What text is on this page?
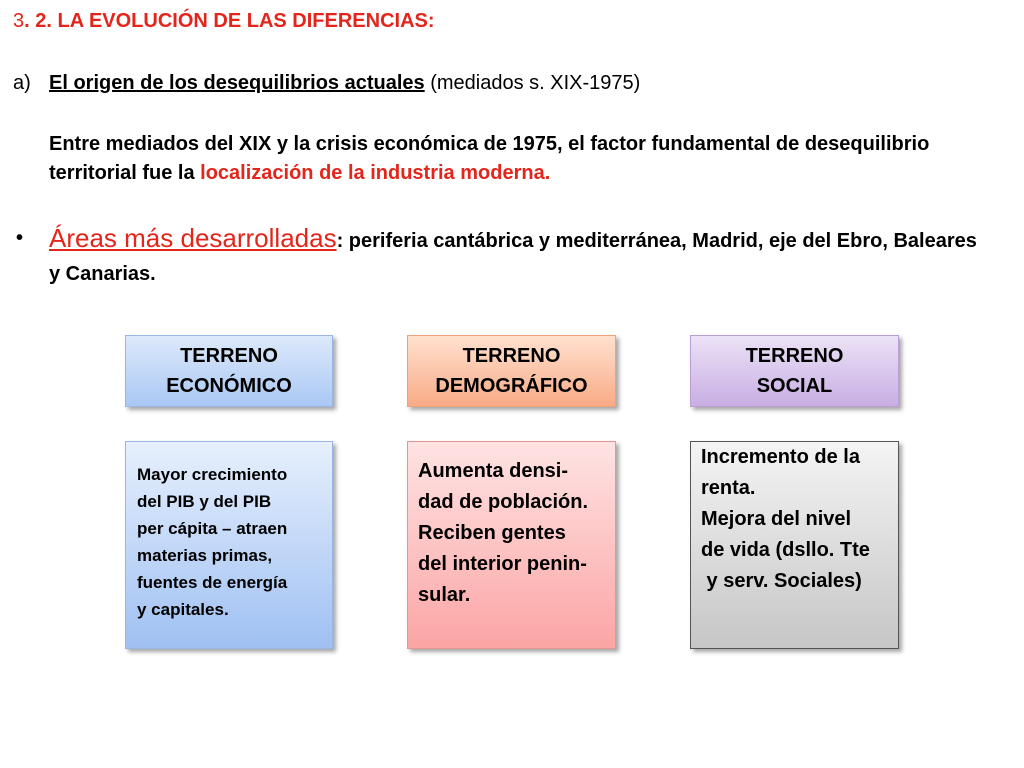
3. 2. LA EVOLUCIÓN DE LAS DIFERENCIAS:
a) El origen de los desequilibrios actuales (mediados s. XIX-1975)
Entre mediados del XIX y la crisis económica de 1975, el factor fundamental de desequilibrio territorial fue la localización de la industria moderna.
• Áreas más desarrolladas: periferia cantábrica y mediterránea, Madrid, eje del Ebro, Baleares y Canarias.
TERRENO
ECONÓMICO
TERRENO
DEMOGRÁFICO
TERRENO
SOCIAL
Mayor crecimiento
del PIB y del PIB
per cápita – atraen
materias primas,
fuentes de energía
y capitales.
Aumenta densi-
dad de población.
Reciben gentes
del interior penin-
sular.
Incremento de la
renta.
Mejora del nivel
de vida (dsllo. Tte
y serv. Sociales)
